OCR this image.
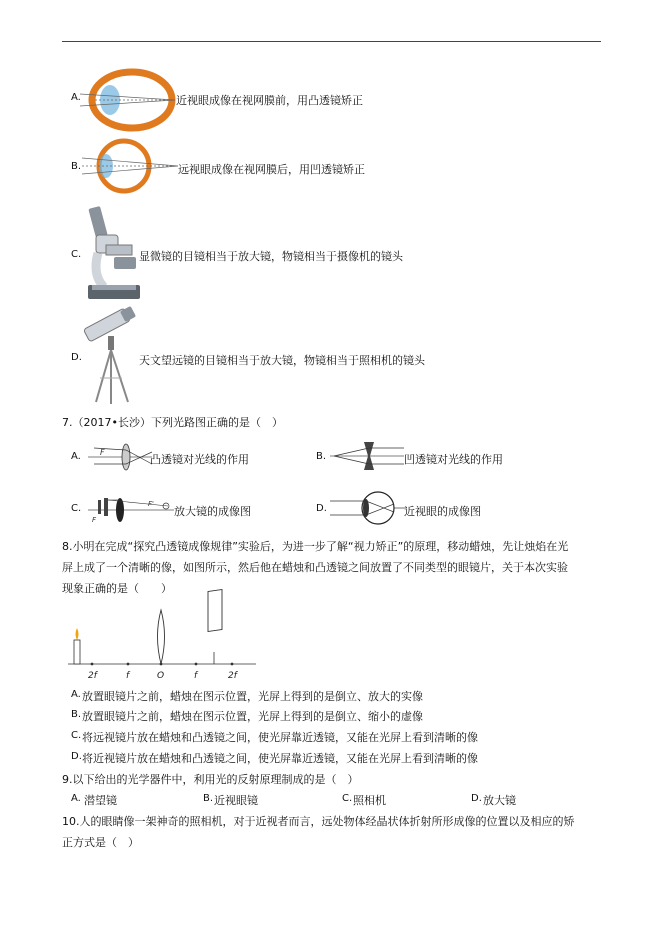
A.	近视眼成像在视网膜前，用凸透镜矫正
B.	远视眼成像在视网膜后，用凹透镜矫正
C.	显微镜的目镜相当于放大镜，物镜相当于摄像机的镜头
D.	天文望远镜的目镜相当于放大镜，物镜相当于照相机的镜头
7.（2017•长沙）下列光路图正确的是（　）
A. F
凸透镜对光线的作用	B.	凹透镜对光线的作用
C.
F
F'
放大镜的成像图	D.	近视眼的成像图
8.小明在完成“探究凸透镜成像规律”实验后，为进一步了解“视力矫正”的原理，移动蜡烛，先让烛焰在光
屏上成了一个清晰的像，如图所示，然后他在蜡烛和凸透镜之间放置了不同类型的眼镜片，关于本次实验
现象正确的是（　　）
2f	f	O	f	2f
A. 放置眼镜片之前，蜡烛在图示位置，光屏上得到的是倒立、放大的实像
B. 放置眼镜片之前，蜡烛在图示位置，光屏上得到的是倒立、缩小的虚像
C. 将远视镜片放在蜡烛和凸透镜之间，使光屏靠近透镜，又能在光屏上看到清晰的像
D. 将近视镜片放在蜡烛和凸透镜之间，使光屏靠近透镜，又能在光屏上看到清晰的像
9.以下给出的光学器件中，利用光的反射原理制成的是（　）
A. 潜望镜	B. 近视眼镜	C. 照相机	D. 放大镜
10.人的眼睛像一架神奇的照相机，对于近视者而言，远处物体经晶状体折射所形成像的位置以及相应的矫
正方式是（　）
